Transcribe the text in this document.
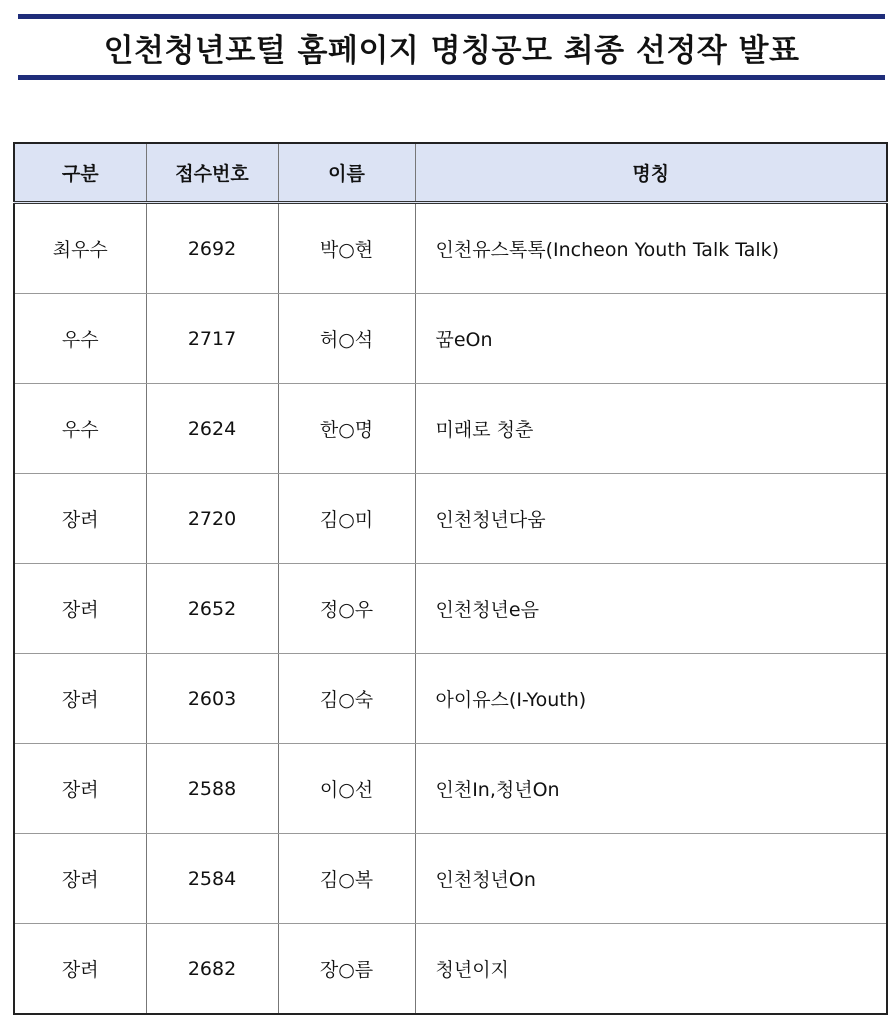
인천청년포털 홈페이지 명칭공모 최종 선정작 발표
구분	접수번호	이름	명칭
최우수	2692	박○현	인천유스톡톡(Incheon Youth Talk Talk)
우수	2717	허○석	꿈eOn
우수	2624	한○명	미래로 청춘
장려	2720	김○미	인천청년다움
장려	2652	정○우	인천청년e음
장려	2603	김○숙	아이유스(I-Youth)
장려	2588	이○선	인천In,청년On
장려	2584	김○복	인천청년On
장려	2682	장○름	청년이지
